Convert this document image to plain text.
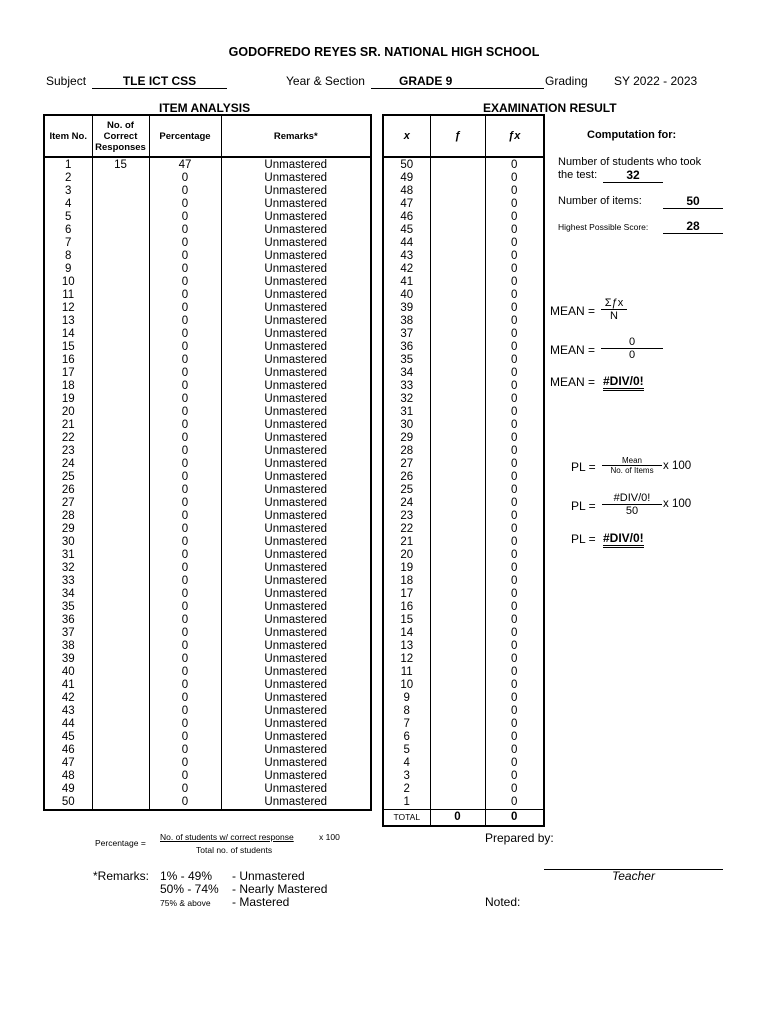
GODOFREDO REYES SR. NATIONAL HIGH SCHOOL
Subject	TLE ICT CSS	Year & Section	GRADE 9	Grading SY 2022 - 2023
ITEM ANALYSIS	EXAMINATION RESULT
Item No.	No. of Correct Responses	Percentage	Remarks*
1	15	47	Unmastered
2		0	Unmastered
3		0	Unmastered
4		0	Unmastered
5		0	Unmastered
6		0	Unmastered
7		0	Unmastered
8		0	Unmastered
9		0	Unmastered
10		0	Unmastered
11		0	Unmastered
12		0	Unmastered
13		0	Unmastered
14		0	Unmastered
15		0	Unmastered
16		0	Unmastered
17		0	Unmastered
18		0	Unmastered
19		0	Unmastered
20		0	Unmastered
21		0	Unmastered
22		0	Unmastered
23		0	Unmastered
24		0	Unmastered
25		0	Unmastered
26		0	Unmastered
27		0	Unmastered
28		0	Unmastered
29		0	Unmastered
30		0	Unmastered
31		0	Unmastered
32		0	Unmastered
33		0	Unmastered
34		0	Unmastered
35		0	Unmastered
36		0	Unmastered
37		0	Unmastered
38		0	Unmastered
39		0	Unmastered
40		0	Unmastered
41		0	Unmastered
42		0	Unmastered
43		0	Unmastered
44		0	Unmastered
45		0	Unmastered
46		0	Unmastered
47		0	Unmastered
48		0	Unmastered
49		0	Unmastered
50		0	Unmastered
x	ƒ	ƒx
50		0
49		0
48		0
47		0
46		0
45		0
44		0
43		0
42		0
41		0
40		0
39		0
38		0
37		0
36		0
35		0
34		0
33		0
32		0
31		0
30		0
29		0
28		0
27		0
26		0
25		0
24		0
23		0
22		0
21		0
20		0
19		0
18		0
17		0
16		0
15		0
14		0
13		0
12		0
11		0
10		0
9		0
8		0
7		0
6		0
5		0
4		0
3		0
2		0
1		0
TOTAL	0	0
Computation for:
Number of students who took
the test:	32
Number of items:	50
Highest Possible Score:	28
MEAN =
Σƒx
N
MEAN = $\frac{0}{0}$
MEAN = #DIV/0!
PL =	Mean
No. of Items x 100
PL =
#DIV/0!
50
x 100
PL = #DIV/0!
Percentage =
No. of students w/ correct response	x 100
Total no. of students
*Remarks: 1% - 49% - Unmastered
50% - 74% - Nearly Mastered
75% & above - Mastered
Prepared by:
Teacher
Noted:
